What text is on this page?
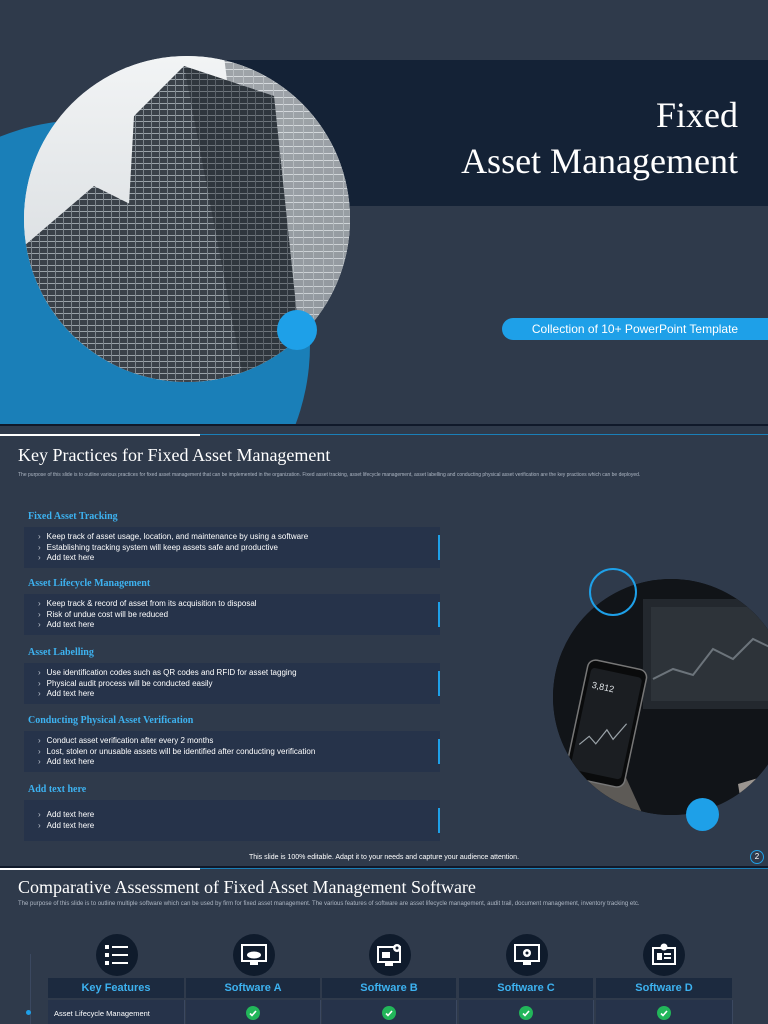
Fixed
Asset Management
Collection of 10+ PowerPoint Template
Key Practices for Fixed Asset Management
The purpose of this slide is to outline various practices for fixed asset management that can be implemented in the organization. Fixed asset tracking, asset lifecycle management, asset labelling and conducting physical asset verification are the key practices which can be deployed.
Fixed Asset Tracking
› Keep track of asset usage, location, and maintenance by using a software
› Establishing tracking system will keep assets safe and productive
› Add text here
Asset Lifecycle Management
› Keep track & record of asset from its acquisition to disposal
› Risk of undue cost will be reduced
› Add text here
Asset Labelling
› Use identification codes such as QR codes and RFID for asset tagging
› Physical audit process will be conducted easily
› Add text here
Conducting Physical Asset Verification
› Conduct asset verification after every 2 months
› Lost, stolen or unusable assets will be identified after conducting verification
› Add text here
Add text here
› Add text here
› Add text here
3,812
This slide is 100% editable. Adapt it to your needs and capture your audience attention.	2
Comparative Assessment of Fixed Asset Management Software
The purpose of this slide is to outline multiple software which can be used by firm for fixed asset management. The various features of software are asset lifecycle management, audit trail, document management, inventory tracking etc.
Key Features	Software A	Software B	Software C	Software D
Asset Lifecycle Management
